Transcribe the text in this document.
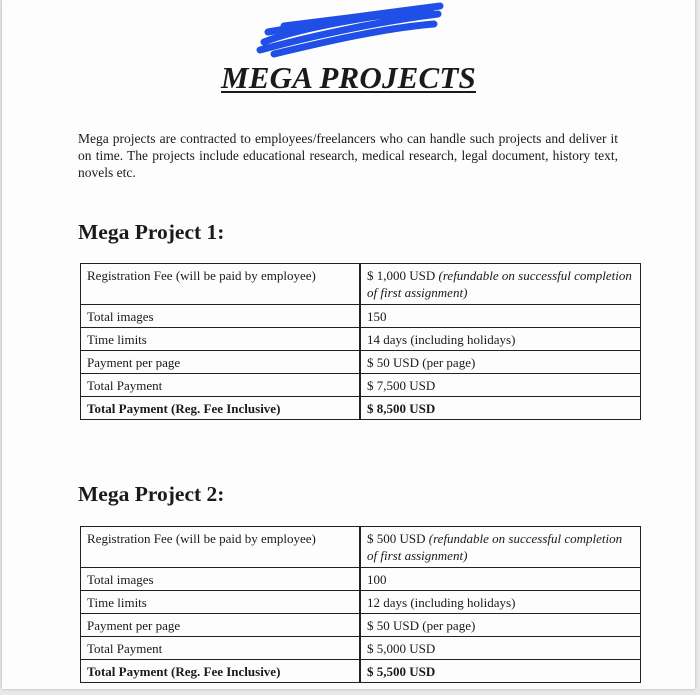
MEGA PROJECTS

Mega projects are contracted to employees/freelancers who can handle such projects and deliver it on time. The projects include educational research, medical research, legal document, history text, novels etc.

Mega Project 1:
Registration Fee (will be paid by employee)	$ 1,000 USD (refundable on successful completion of first assignment)
Total images	150
Time limits	14 days (including holidays)
Payment per page	$ 50 USD (per page)
Total Payment	$ 7,500 USD
Total Payment (Reg. Fee Inclusive)	$ 8,500 USD
Mega Project 2:
Registration Fee (will be paid by employee)	$ 500 USD (refundable on successful completion of first assignment)
Total images	100
Time limits	12 days (including holidays)
Payment per page	$ 50 USD (per page)
Total Payment	$ 5,000 USD
Total Payment (Reg. Fee Inclusive)	$ 5,500 USD
